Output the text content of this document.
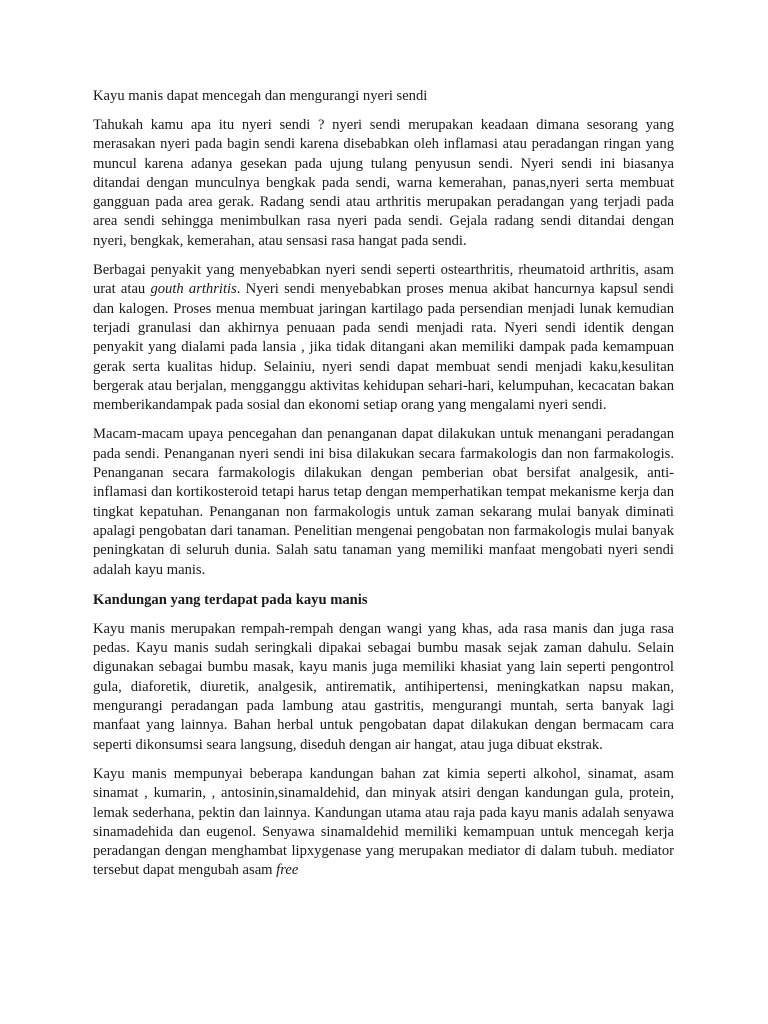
Kayu manis dapat mencegah dan mengurangi nyeri sendi

Tahukah kamu apa itu nyeri sendi ? nyeri sendi merupakan keadaan dimana sesorang yang merasakan nyeri pada bagin sendi karena disebabkan oleh inflamasi atau peradangan ringan yang muncul karena adanya gesekan pada ujung tulang penyusun sendi. Nyeri sendi ini biasanya ditandai dengan munculnya bengkak pada sendi, warna kemerahan, panas,nyeri serta membuat gangguan pada area gerak. Radang sendi atau arthritis merupakan peradangan yang terjadi pada area sendi sehingga menimbulkan rasa nyeri pada sendi. Gejala radang sendi ditandai dengan nyeri, bengkak, kemerahan, atau sensasi rasa hangat pada sendi.

Berbagai penyakit yang menyebabkan nyeri sendi seperti ostearthritis, rheumatoid arthritis, asam urat atau gouth arthritis. Nyeri sendi menyebabkan proses menua akibat hancurnya kapsul sendi dan kalogen. Proses menua membuat jaringan kartilago pada persendian menjadi lunak kemudian terjadi granulasi dan akhirnya penuaan pada sendi menjadi rata. Nyeri sendi identik dengan penyakit yang dialami pada lansia , jika tidak ditangani akan memiliki dampak pada kemampuan gerak serta kualitas hidup. Selainiu, nyeri sendi dapat membuat sendi menjadi kaku,kesulitan bergerak atau berjalan, mengganggu aktivitas kehidupan sehari-hari, kelumpuhan, kecacatan bakan memberikandampak pada sosial dan ekonomi setiap orang yang mengalami nyeri sendi.

Macam-macam upaya pencegahan dan penanganan dapat dilakukan untuk menangani peradangan pada sendi. Penanganan nyeri sendi ini bisa dilakukan secara farmakologis dan non farmakologis. Penanganan secara farmakologis dilakukan dengan pemberian obat bersifat analgesik, anti-inflamasi dan kortikosteroid tetapi harus tetap dengan memperhatikan tempat mekanisme kerja dan tingkat kepatuhan. Penanganan non farmakologis untuk zaman sekarang mulai banyak diminati apalagi pengobatan dari tanaman. Penelitian mengenai pengobatan non farmakologis mulai banyak peningkatan di seluruh dunia. Salah satu tanaman yang memiliki manfaat mengobati nyeri sendi adalah kayu manis.

Kandungan yang terdapat pada kayu manis

Kayu manis merupakan rempah-rempah dengan wangi yang khas, ada rasa manis dan juga rasa pedas. Kayu manis sudah seringkali dipakai sebagai bumbu masak sejak zaman dahulu. Selain digunakan sebagai bumbu masak, kayu manis juga memiliki khasiat yang lain seperti pengontrol gula, diaforetik, diuretik, analgesik, antirematik, antihipertensi, meningkatkan napsu makan, mengurangi peradangan pada lambung atau gastritis, mengurangi muntah, serta banyak lagi manfaat yang lainnya. Bahan herbal untuk pengobatan dapat dilakukan dengan bermacam cara seperti dikonsumsi seara langsung, diseduh dengan air hangat, atau juga dibuat ekstrak.

Kayu manis mempunyai beberapa kandungan bahan zat kimia seperti alkohol, sinamat, asam sinamat , kumarin, , antosinin,sinamaldehid, dan minyak atsiri dengan kandungan gula, protein, lemak sederhana, pektin dan lainnya. Kandungan utama atau raja pada kayu manis adalah senyawa sinamadehida dan eugenol. Senyawa sinamaldehid memiliki kemampuan untuk mencegah kerja peradangan dengan menghambat lipxygenase yang merupakan mediator di dalam tubuh. mediator tersebut dapat mengubah asam free
